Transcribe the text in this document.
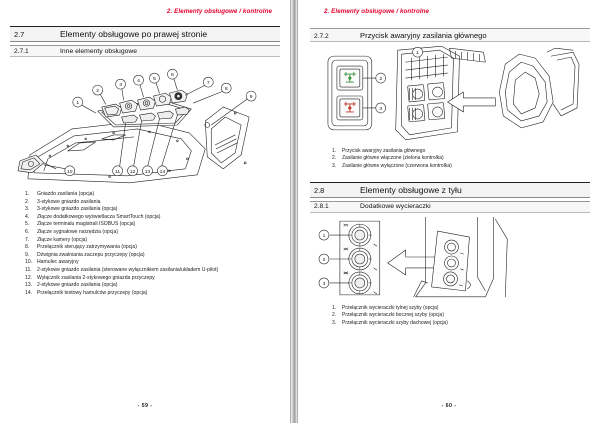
2. Elementy obsługowe / kontrolne
2.7	Elementy obsługowe po prawej stronie
2.7.1	Inne elementy obsługowe
1
2
3
4	5
6
7
8
9
10	11 12 13 14
Gniazdo zasilania (opcja)
3-stykowe gniazdo zasilania
3-stykowe gniazdo zasilania (opcja)
Złącze dodatkowego wyświetlacza SmartTouch (opcja)
Złącze terminalu magistrali ISOBUS (opcja)
Złącze sygnałowe narzędzia (opcja)
Złącze kamery (opcja)
Przełącznik sterujący zatrzymywania (opcja)
Dźwignia zwalniania zaczepu przyczepy (opcja)
Hamulec awaryjny
2-stykowe gniazdo zasilania (sterowane wyłącznikiem zasilania/układem U-pilot)
Wyłącznik zasilania 2-stykowego gniazda przyczepy
2-stykowe gniazdo zasilania (opcja)
Przełącznik testowy hamulców przyczepy (opcja)
- 59 -
2. Elementy obsługowe / kontrolne
2.7.2	Przycisk awaryjny zasilania głównego
1
2
3
Przycisk awaryjny zasilania głównego
Zasilanie główne włączone (zielona kontrolka)
Zasilanie główne wyłączone (czerwona kontrolka)
2.8	Elementy obsługowe z tyłu
2.8.1	Dodatkowe wycieraczki
1
2
3
Przełącznik wycieraczki tylnej szyby (opcja)
Przełącznik wycieraczki bocznej szyby (opcja)
Przełącznik wycieraczki szyby dachowej (opcja)
- 60 -
